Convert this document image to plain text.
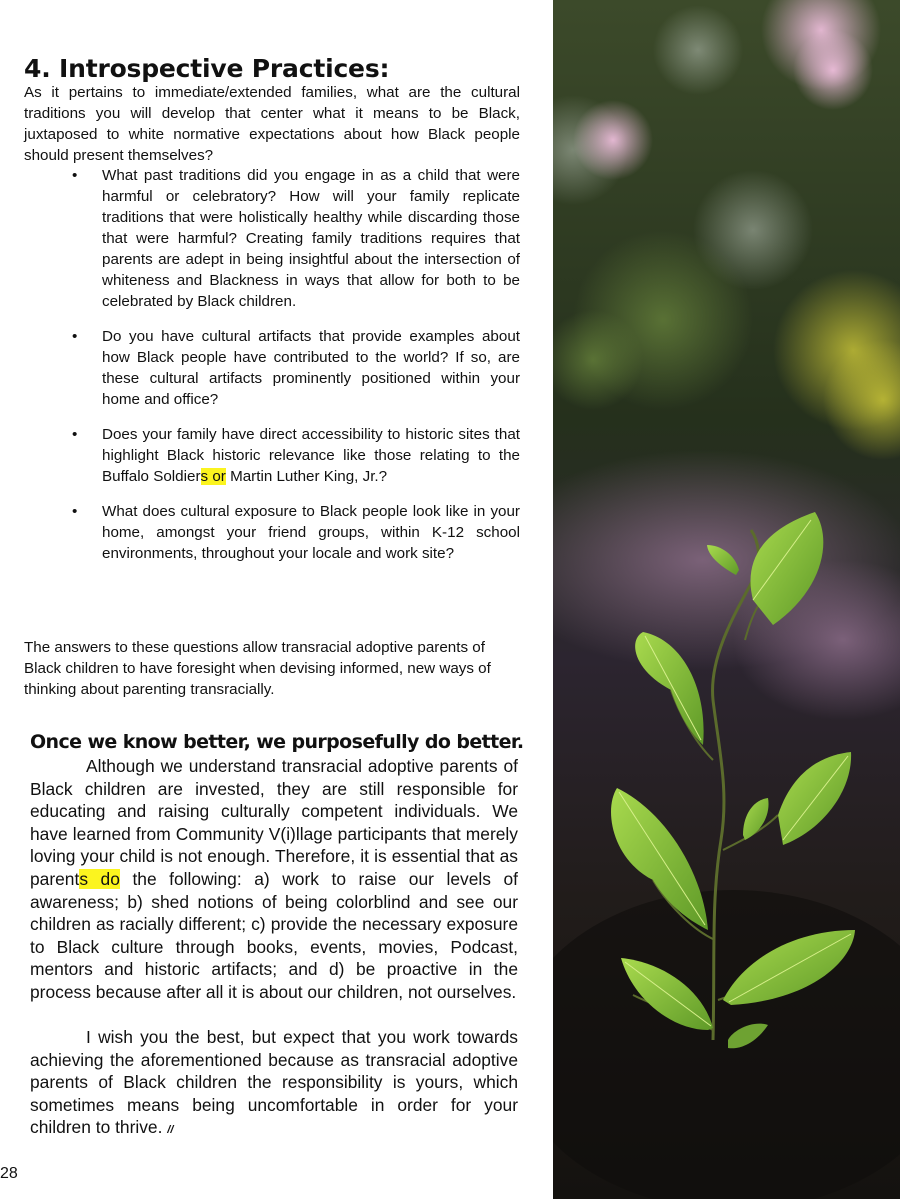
4. Introspective Practices:

As it pertains to immediate/extended families, what are the cultural traditions you will develop that center what it means to be Black, juxtaposed to white normative expectations about how Black people should present themselves?

• What past traditions did you engage in as a child that were harmful or celebratory? How will your family replicate traditions that were holistically healthy while discarding those that were harmful? Creating family traditions requires that parents are adept in being insightful about the intersection of whiteness and Blackness in ways that allow for both to be celebrated by Black children.
• Do you have cultural artifacts that provide examples about how Black people have contributed to the world? If so, are these cultural artifacts prominently positioned within your home and office?
• Does your family have direct accessibility to historic sites that highlight Black historic relevance like those relating to the Buffalo Soldiers or Martin Luther King, Jr.?
• What does cultural exposure to Black people look like in your home, amongst your friend groups, within K-12 school environments, throughout your locale and work site?

The answers to these questions allow transracial adoptive parents of Black children to have foresight when devising informed, new ways of thinking about parenting transracially.

Once we know better, we purposefully do better.

Although we understand transracial adoptive parents of Black children are invested, they are still responsible for educating and raising culturally competent individuals. We have learned from Community V(i)llage participants that merely loving your child is not enough. Therefore, it is essential that as parents do the following: a) work to raise our levels of awareness; b) shed notions of being colorblind and see our children as racially different; c) provide the necessary exposure to Black culture through books, events, movies, Podcast, mentors and historic artifacts; and d) be proactive in the process because after all it is about our children, not ourselves.

I wish you the best, but expect that you work towards achieving the aforementioned because as transracial adoptive parents of Black children the responsibility is yours, which sometimes means being uncomfortable in order for your children to thrive. //

28
